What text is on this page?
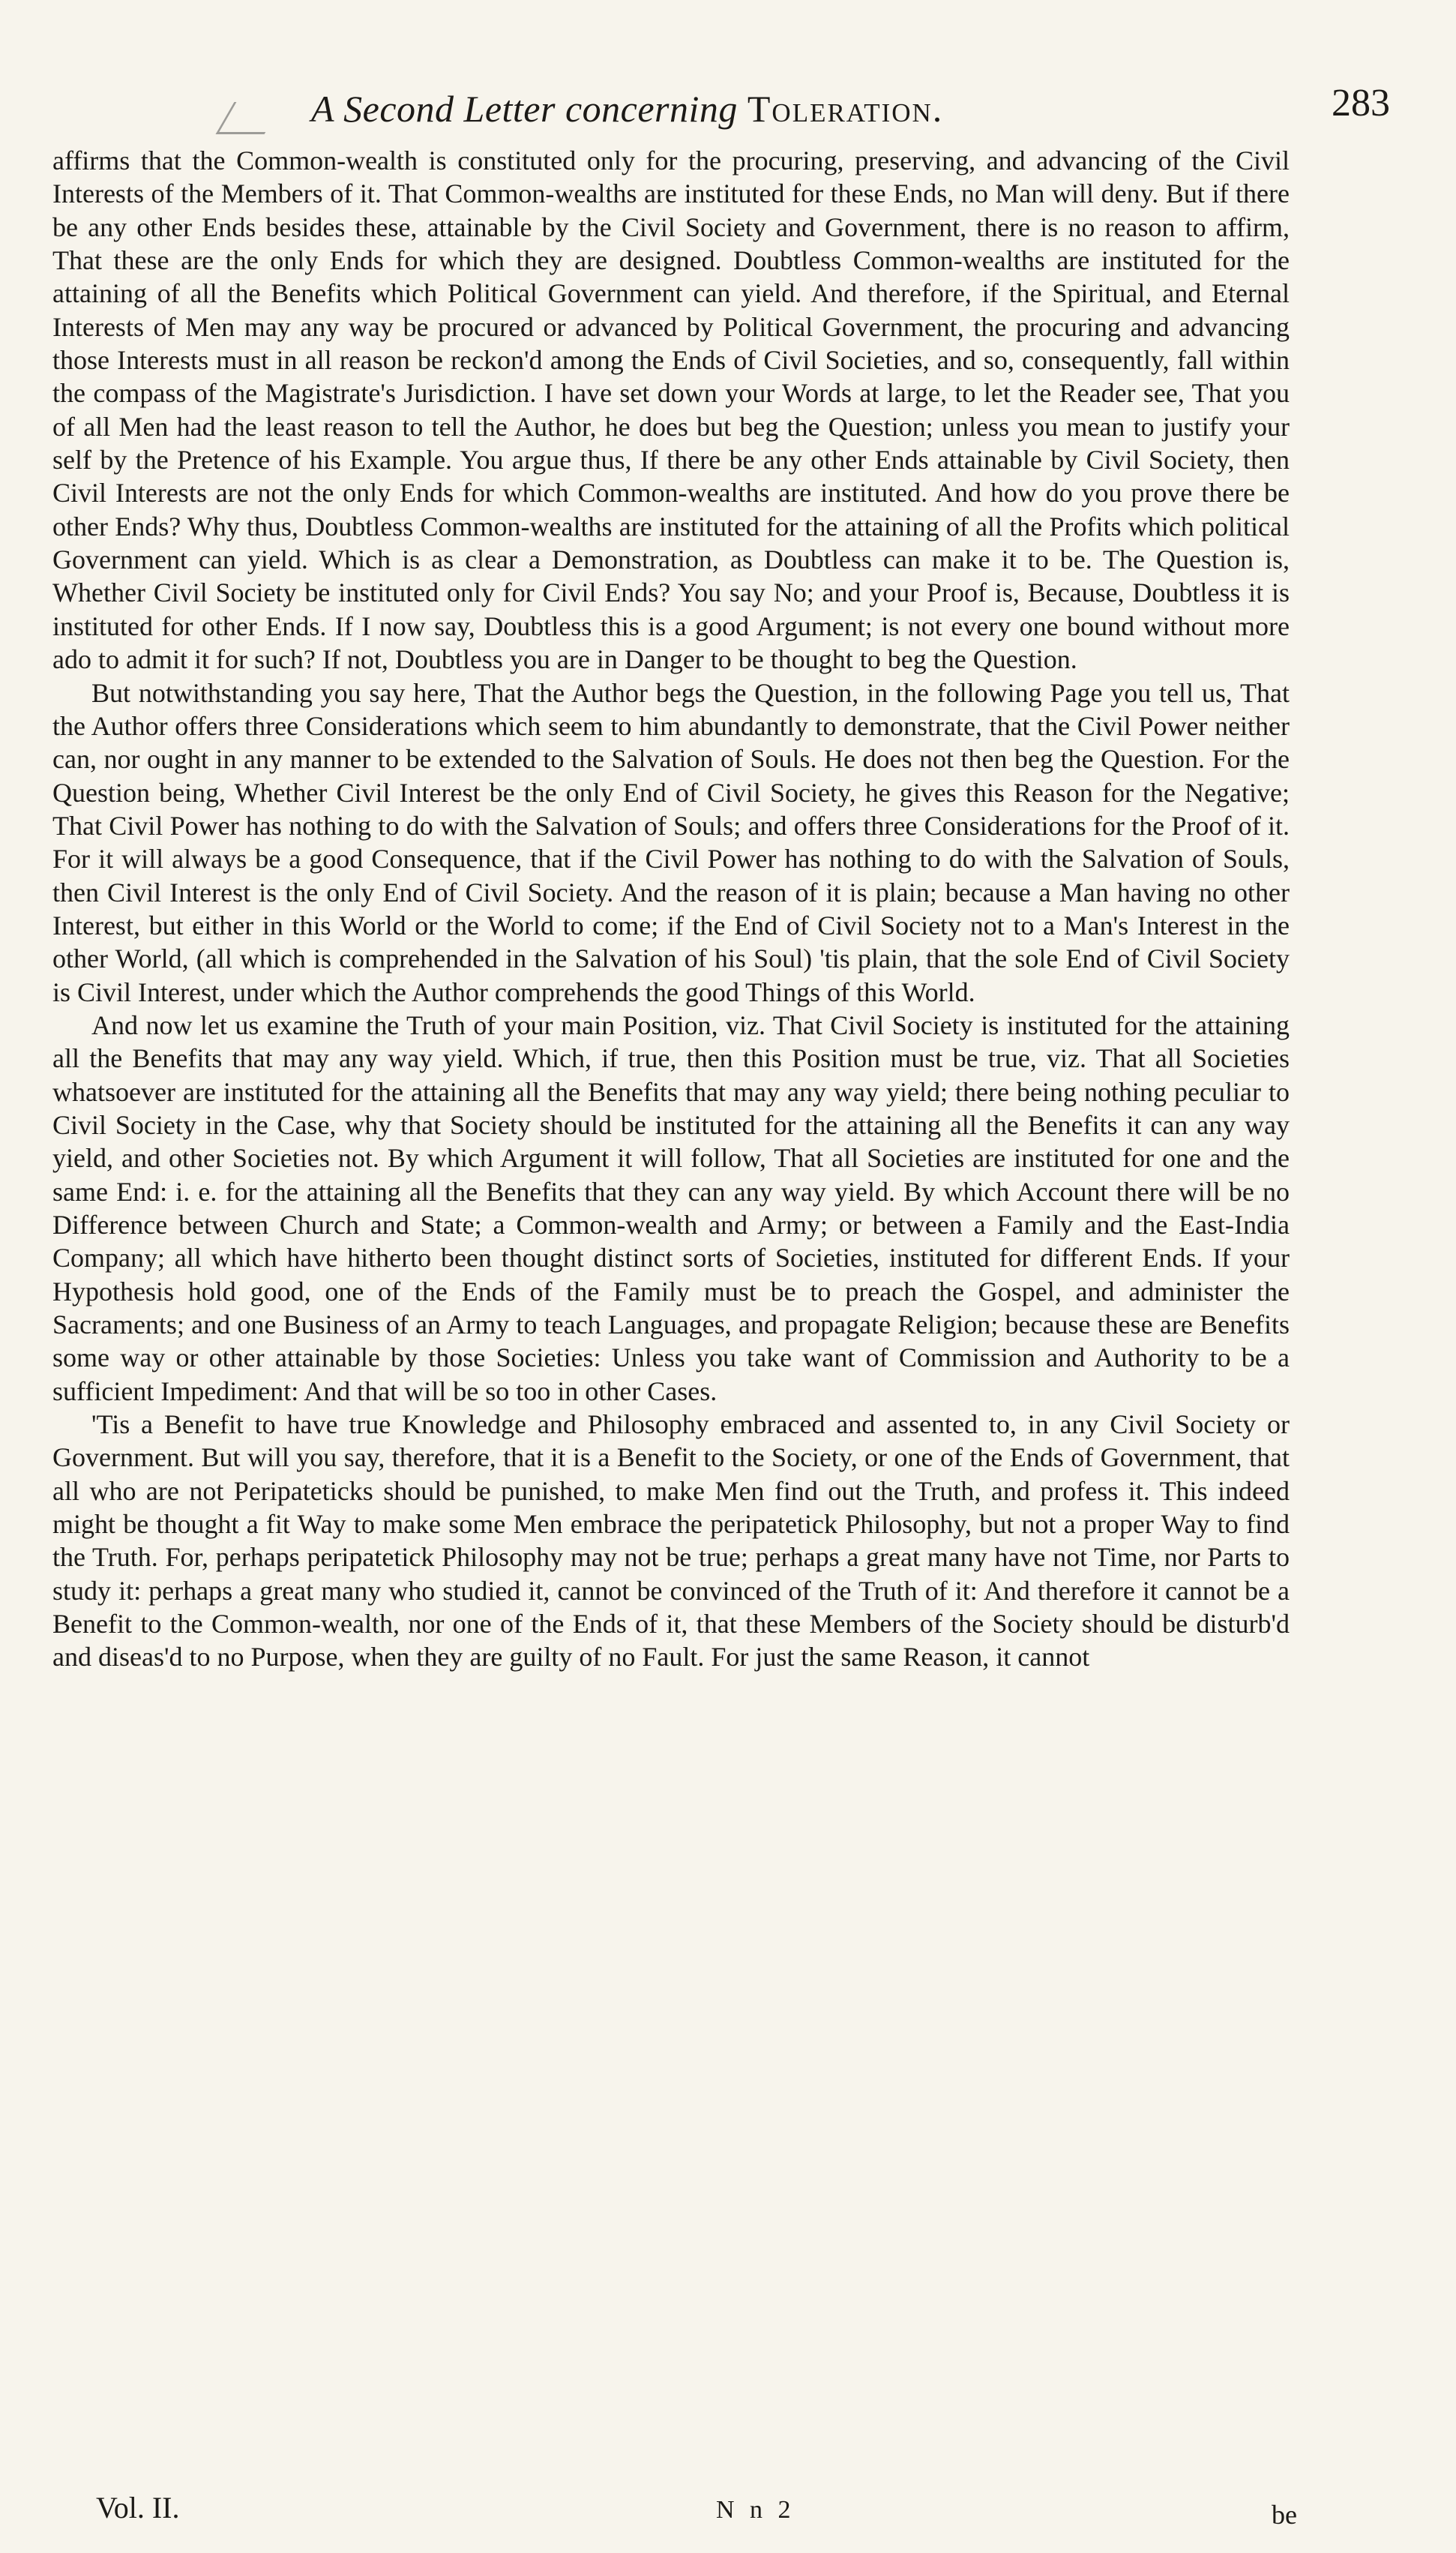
A Second Letter concerning Toleration.	283

affirms that the Common-wealth is constituted only for the procuring, preserving, and advancing of the Civil Interests of the Members of it. That Common-wealths are instituted for these Ends, no Man will deny. But if there be any other Ends besides these, attainable by the Civil Society and Government, there is no reason to affirm, That these are the only Ends for which they are designed. Doubtless Common-wealths are instituted for the attaining of all the Benefits which Political Government can yield. And therefore, if the Spiritual, and Eternal Interests of Men may any way be procured or advanced by Political Government, the procuring and advancing those Interests must in all reason be reckon'd among the Ends of Civil Societies, and so, consequently, fall within the compass of the Magistrate's Jurisdiction. I have set down your Words at large, to let the Reader see, That you of all Men had the least reason to tell the Author, he does but beg the Question; unless you mean to justify your self by the Pretence of his Example. You argue thus, If there be any other Ends attainable by Civil Society, then Civil Interests are not the only Ends for which Common-wealths are instituted. And how do you prove there be other Ends? Why thus, Doubtless Common-wealths are instituted for the attaining of all the Profits which political Government can yield. Which is as clear a Demonstration, as Doubtless can make it to be. The Question is, Whether Civil Society be instituted only for Civil Ends? You say No; and your Proof is, Because, Doubtless it is instituted for other Ends. If I now say, Doubtless this is a good Argument; is not every one bound without more ado to admit it for such? If not, Doubtless you are in Danger to be thought to beg the Question.

But notwithstanding you say here, That the Author begs the Question, in the following Page you tell us, That the Author offers three Considerations which seem to him abundantly to demonstrate, that the Civil Power neither can, nor ought in any manner to be extended to the Salvation of Souls. He does not then beg the Question. For the Question being, Whether Civil Interest be the only End of Civil Society, he gives this Reason for the Negative; That Civil Power has nothing to do with the Salvation of Souls; and offers three Considerations for the Proof of it. For it will always be a good Consequence, that if the Civil Power has nothing to do with the Salvation of Souls, then Civil Interest is the only End of Civil Society. And the reason of it is plain; because a Man having no other Interest, but either in this World or the World to come; if the End of Civil Society not to a Man's Interest in the other World, (all which is comprehended in the Salvation of his Soul) 'tis plain, that the sole End of Civil Society is Civil Interest, under which the Author comprehends the good Things of this World.

And now let us examine the Truth of your main Position, viz. That Civil Society is instituted for the attaining all the Benefits that may any way yield. Which, if true, then this Position must be true, viz. That all Societies whatsoever are instituted for the attaining all the Benefits that may any way yield; there being nothing peculiar to Civil Society in the Case, why that Society should be instituted for the attaining all the Benefits it can any way yield, and other Societies not. By which Argument it will follow, That all Societies are instituted for one and the same End: i. e. for the attaining all the Benefits that they can any way yield. By which Account there will be no Difference between Church and State; a Common-wealth and Army; or between a Family and the East-India Company; all which have hitherto been thought distinct sorts of Societies, instituted for different Ends. If your Hypothesis hold good, one of the Ends of the Family must be to preach the Gospel, and administer the Sacraments; and one Business of an Army to teach Languages, and propagate Religion; because these are Benefits some way or other attainable by those Societies: Unless you take want of Commission and Authority to be a sufficient Impediment: And that will be so too in other Cases.

'Tis a Benefit to have true Knowledge and Philosophy embraced and assented to, in any Civil Society or Government. But will you say, therefore, that it is a Benefit to the Society, or one of the Ends of Government, that all who are not Peripateticks should be punished, to make Men find out the Truth, and profess it. This indeed might be thought a fit Way to make some Men embrace the peripatetick Philosophy, but not a proper Way to find the Truth. For, perhaps peripatetick Philosophy may not be true; perhaps a great many have not Time, nor Parts to study it: perhaps a great many who studied it, cannot be convinced of the Truth of it: And therefore it cannot be a Benefit to the Common-wealth, nor one of the Ends of it, that these Members of the Society should be disturb'd and diseas'd to no Purpose, when they are guilty of no Fault. For just the same Reason, it cannot

Vol. II.	N n 2	be
